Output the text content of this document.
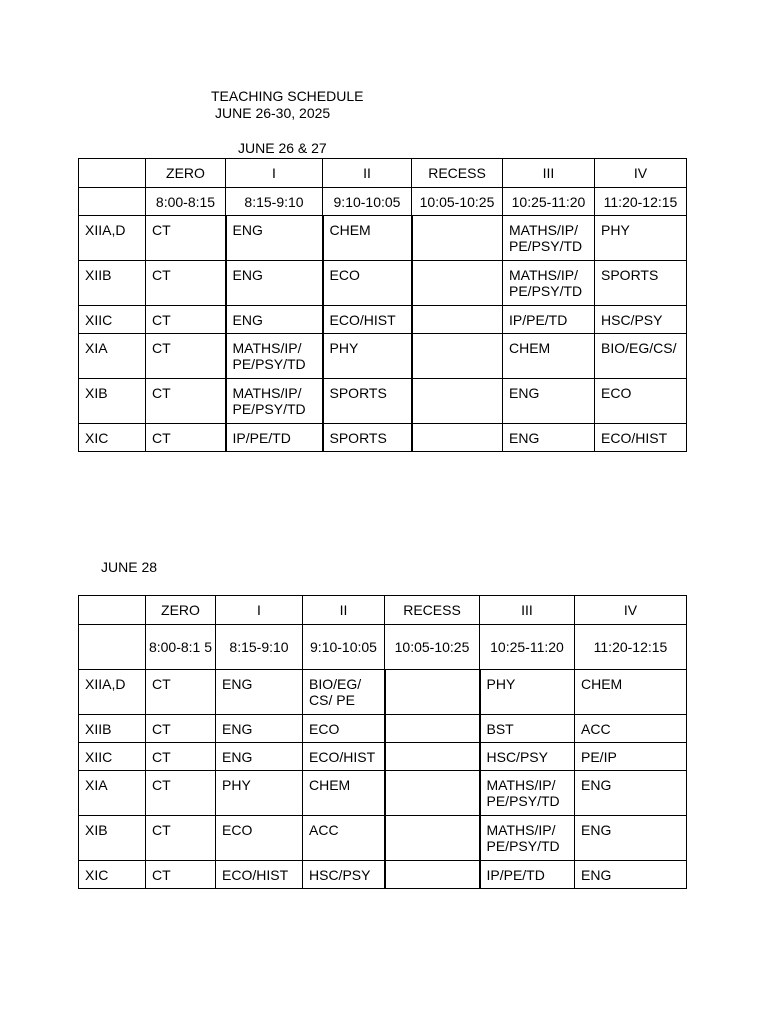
TEACHING SCHEDULE
JUNE 26-30, 2025
JUNE 26 & 27
JUNE 28
	ZERO	I	II	RECESS	III	IV
	8:00-8:15	8:15-9:10	9:10-10:05	10:05-10:25	10:25-11:20	11:20-12:15
XIIA,D	CT	ENG	CHEM		MATHS/IP/ PE/PSY/TD	PHY
XIIB	CT	ENG	ECO		MATHS/IP/ PE/PSY/TD	SPORTS
XIIC	CT	ENG	ECO/HIST		IP/PE/TD	HSC/PSY
XIA	CT	MATHS/IP/ PE/PSY/TD	PHY		CHEM	BIO/EG/CS/
XIB	CT	MATHS/IP/ PE/PSY/TD	SPORTS		ENG	ECO
XIC	CT	IP/PE/TD	SPORTS		ENG	ECO/HIST
	ZERO	I	II	RECESS	III	IV
	8:00-8:1 5	8:15-9:10	9:10-10:05	10:05-10:25	10:25-11:20	11:20-12:15
XIIA,D	CT	ENG	BIO/EG/ CS/ PE		PHY	CHEM
XIIB	CT	ENG	ECO		BST	ACC
XIIC	CT	ENG	ECO/HIST		HSC/PSY	PE/IP
XIA	CT	PHY	CHEM		MATHS/IP/ PE/PSY/TD	ENG
XIB	CT	ECO	ACC		MATHS/IP/ PE/PSY/TD	ENG
XIC	CT	ECO/HIST	HSC/PSY		IP/PE/TD	ENG
